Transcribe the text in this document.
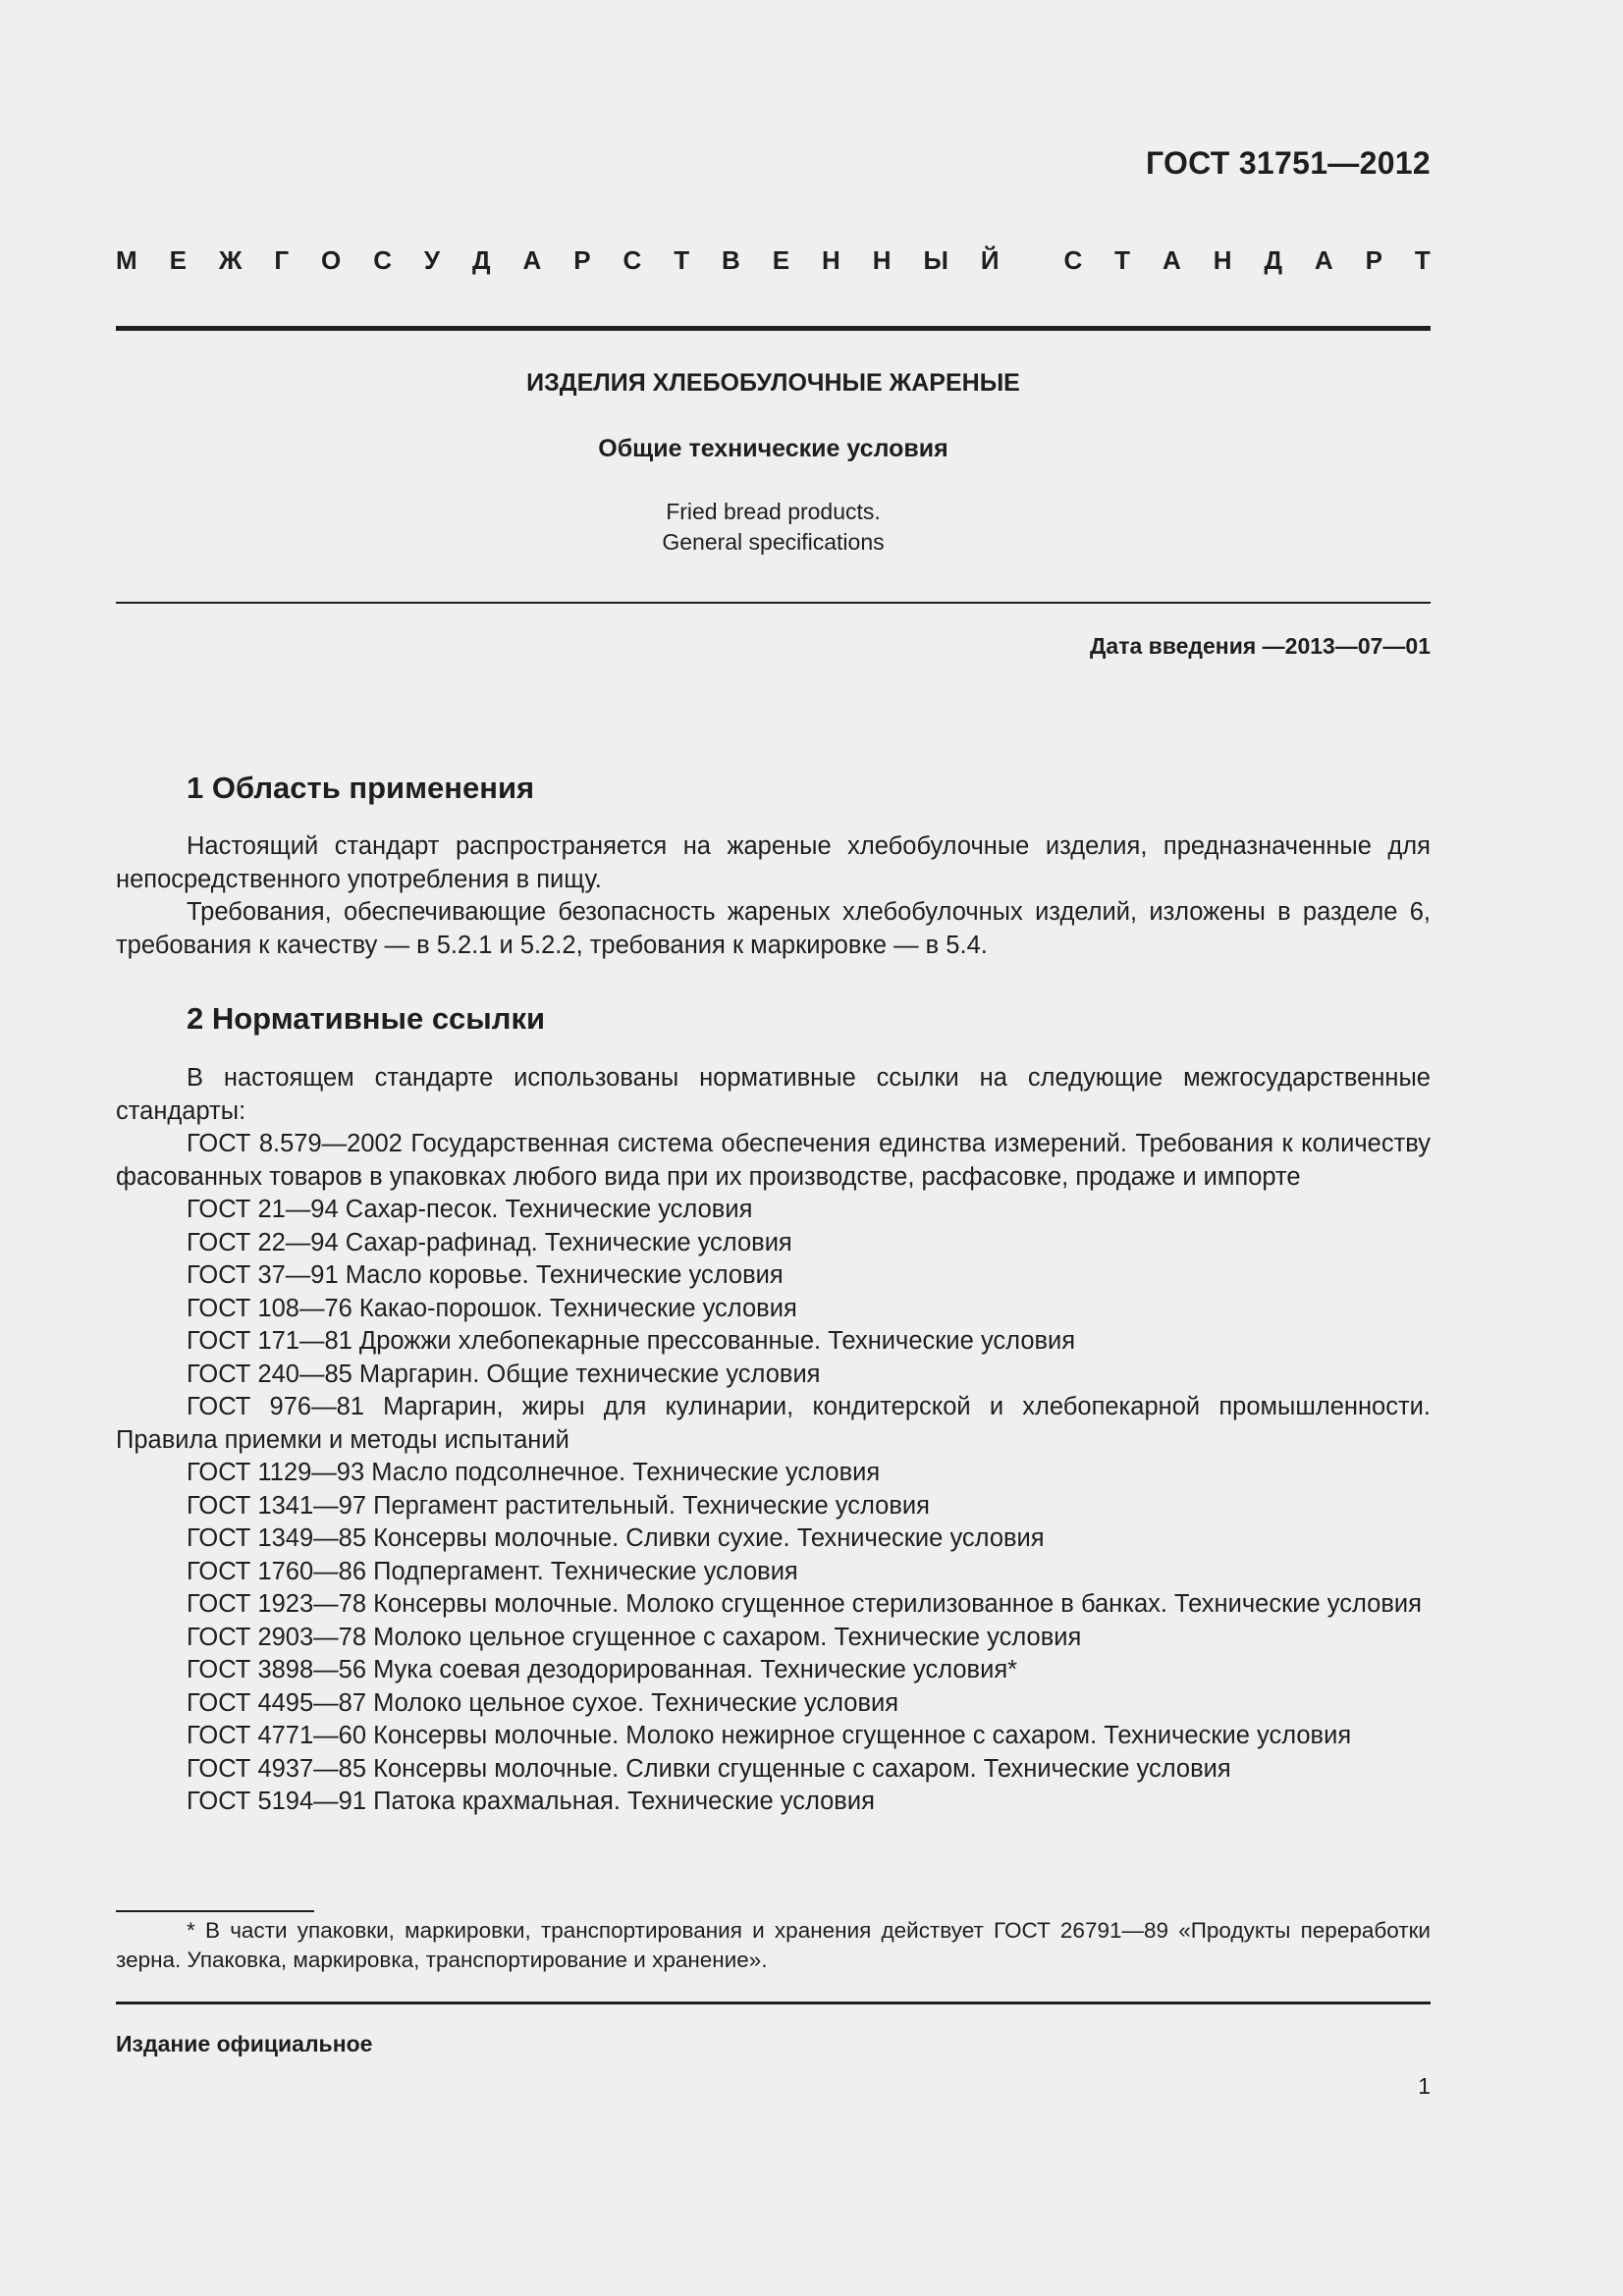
ГОСТ 31751—2012
М Е Ж Г О С У Д А Р С Т В Е Н Н Ы Й	С Т А Н Д А Р Т
ИЗДЕЛИЯ ХЛЕБОБУЛОЧНЫЕ ЖАРЕНЫЕ
Общие технические условия
Fried bread products.
General specifications
Дата введения —2013—07—01
1 Область применения

Настоящий стандарт распространяется на жареные хлебобулочные изделия, предназначенные для непосредственного употребления в пищу.

Требования, обеспечивающие безопасность жареных хлебобулочных изделий, изложены в разделе 6, требования к качеству — в 5.2.1 и 5.2.2, требования к маркировке — в 5.4.

2 Нормативные ссылки

В настоящем стандарте использованы нормативные ссылки на следующие межгосударственные стандарты:

ГОСТ 8.579—2002 Государственная система обеспечения единства измерений. Требования к количеству фасованных товаров в упаковках любого вида при их производстве, расфасовке, продаже и импорте

ГОСТ 21—94 Сахар-песок. Технические условия

ГОСТ 22—94 Сахар-рафинад. Технические условия

ГОСТ 37—91 Масло коровье. Технические условия

ГОСТ 108—76 Какао-порошок. Технические условия

ГОСТ 171—81 Дрожжи хлебопекарные прессованные. Технические условия

ГОСТ 240—85 Маргарин. Общие технические условия

ГОСТ 976—81 Маргарин, жиры для кулинарии, кондитерской и хлебопекарной промышленности. Правила приемки и методы испытаний

ГОСТ 1129—93 Масло подсолнечное. Технические условия

ГОСТ 1341—97 Пергамент растительный. Технические условия

ГОСТ 1349—85 Консервы молочные. Сливки сухие. Технические условия

ГОСТ 1760—86 Подпергамент. Технические условия

ГОСТ 1923—78 Консервы молочные. Молоко сгущенное стерилизованное в банках. Технические условия

ГОСТ 2903—78 Молоко цельное сгущенное с сахаром. Технические условия

ГОСТ 3898—56 Мука соевая дезодорированная. Технические условия*

ГОСТ 4495—87 Молоко цельное сухое. Технические условия

ГОСТ 4771—60 Консервы молочные. Молоко нежирное сгущенное с сахаром. Технические условия

ГОСТ 4937—85 Консервы молочные. Сливки сгущенные с сахаром. Технические условия

ГОСТ 5194—91 Патока крахмальная. Технические условия

* В части упаковки, маркировки, транспортирования и хранения действует ГОСТ 26791—89 «Продукты переработки зерна. Упаковка, маркировка, транспортирование и хранение».

Издание официальное
1
